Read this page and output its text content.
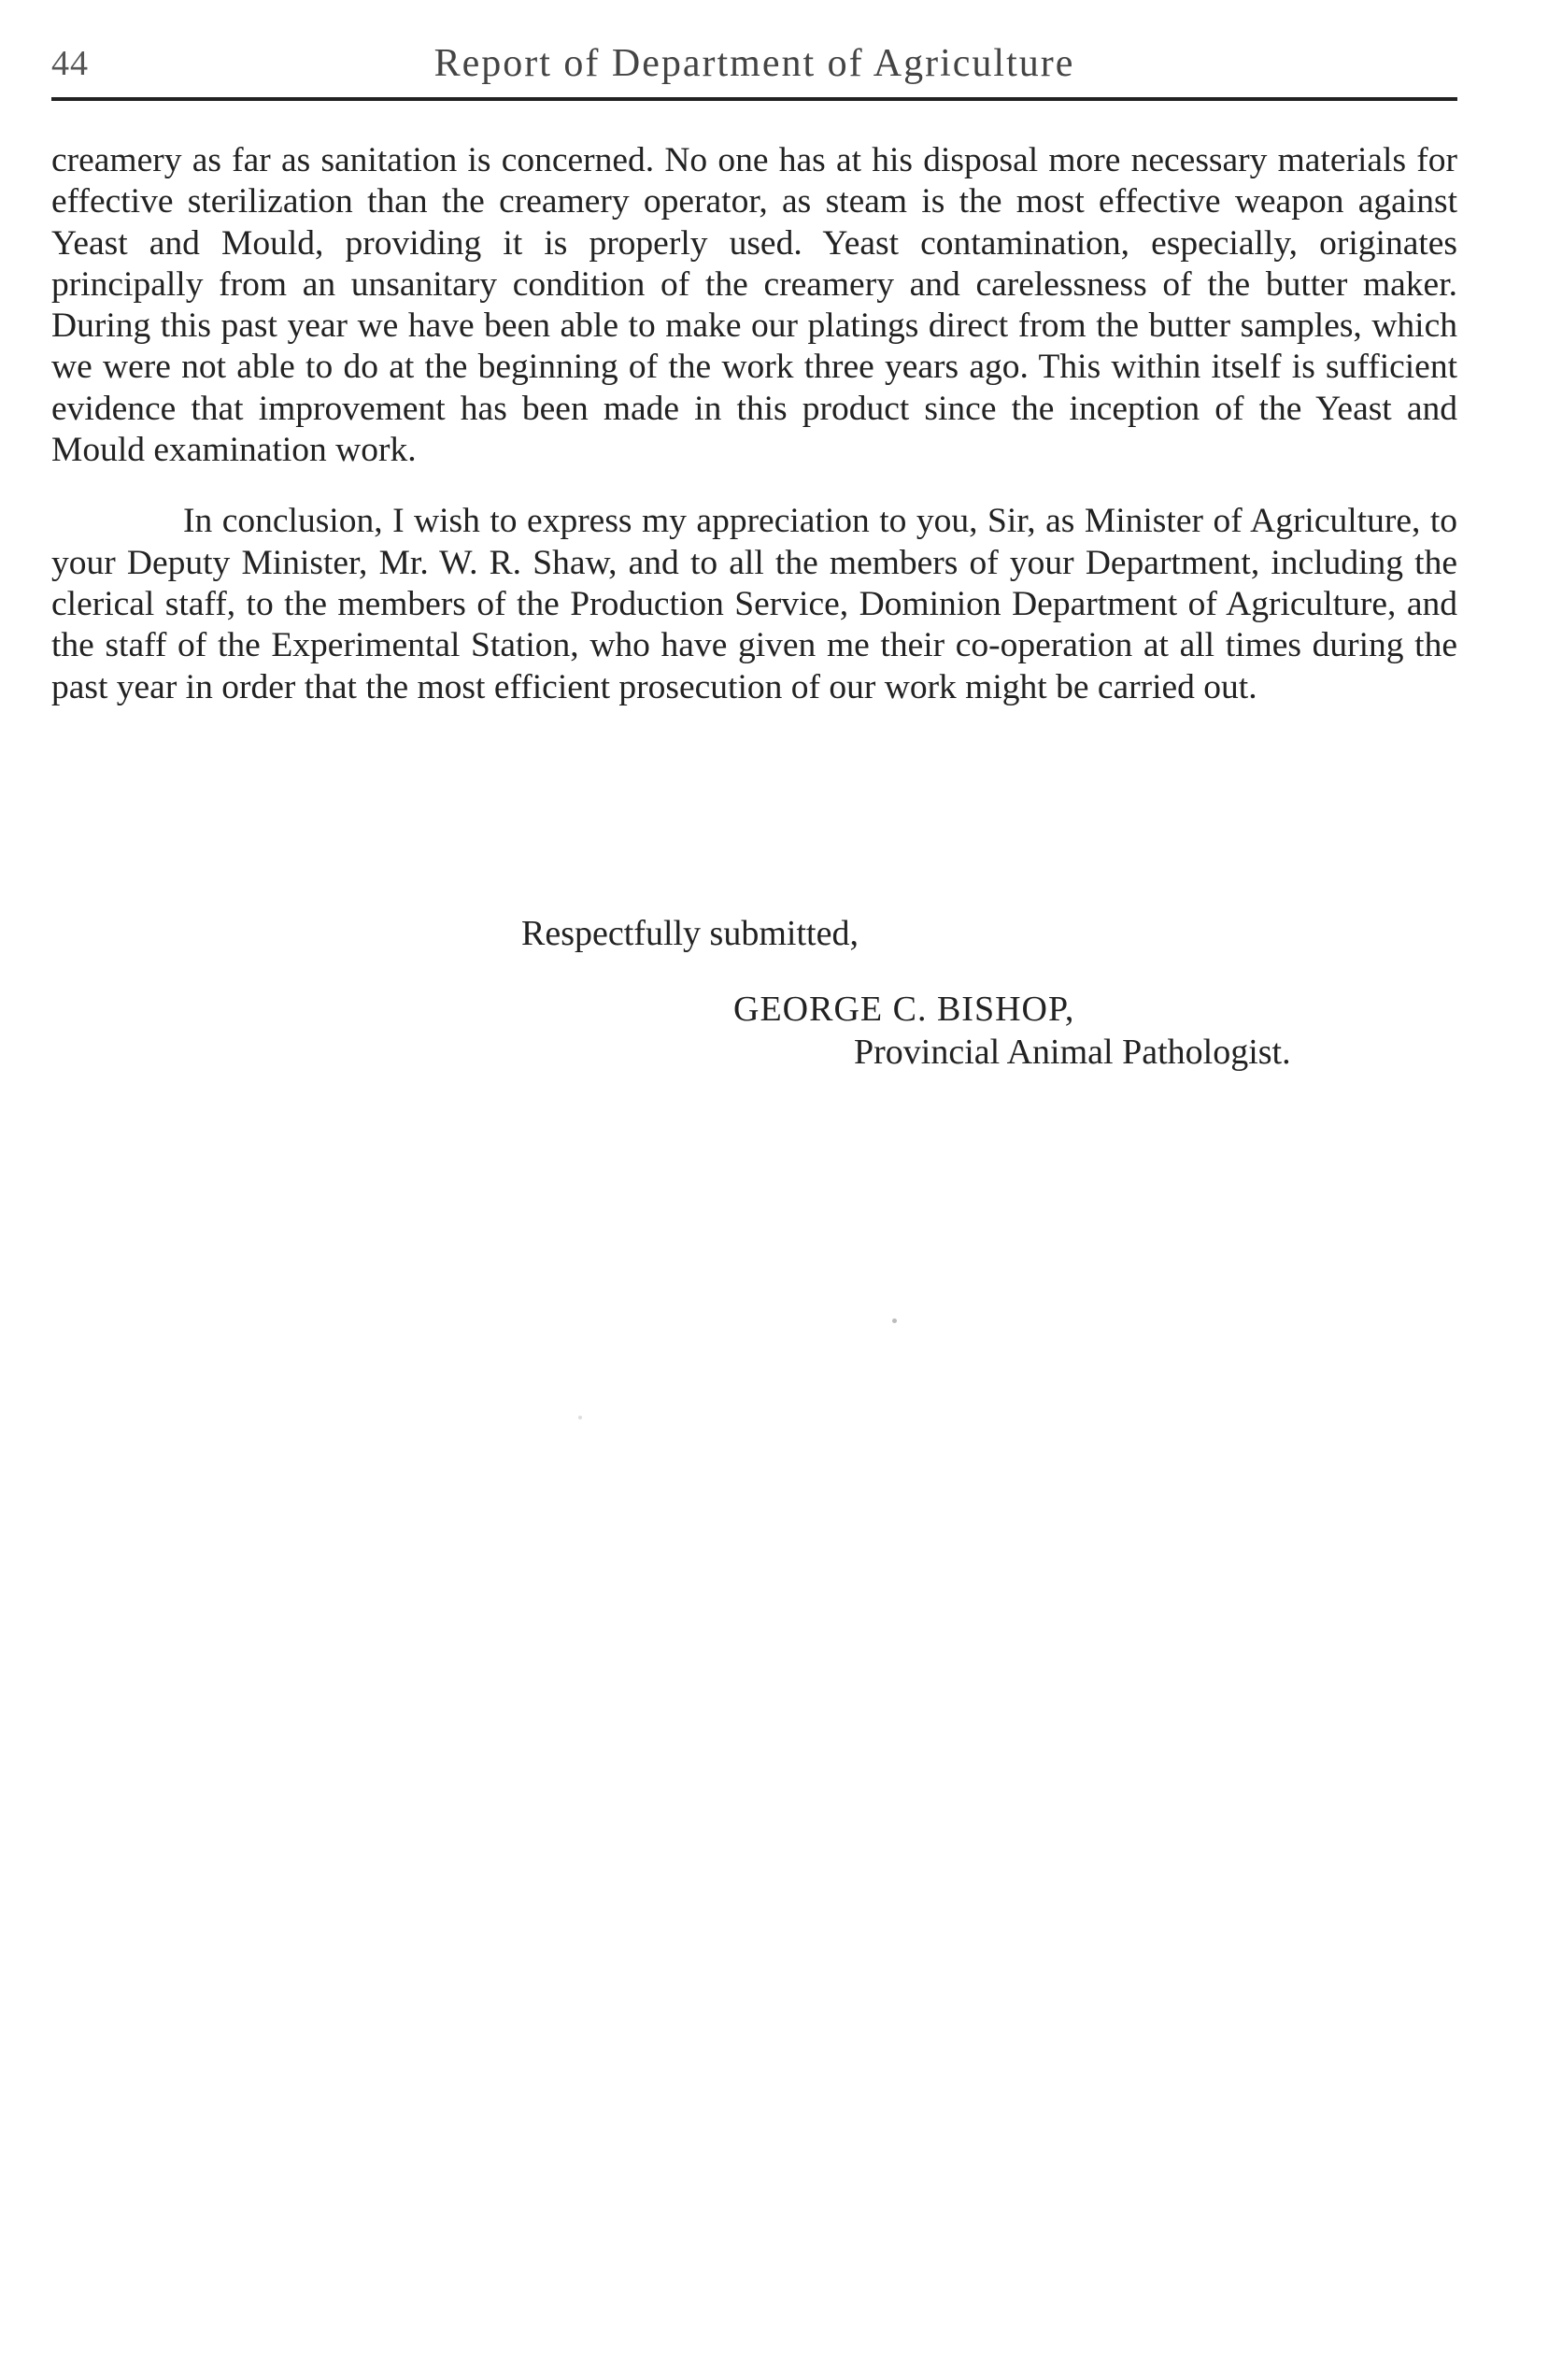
44	Report of Department of Agriculture

creamery as far as sanitation is concerned. No one has at his disposal more necessary materials for effective sterilization than the creamery operator, as steam is the most effective weapon against Yeast and Mould, providing it is properly used. Yeast contamination, especially, originates principally from an unsanitary condition of the creamery and carelessness of the butter maker. During this past year we have been able to make our platings direct from the butter samples, which we were not able to do at the beginning of the work three years ago. This within itself is sufficient evidence that improvement has been made in this product since the inception of the Yeast and Mould examination work.

In conclusion, I wish to express my appreciation to you, Sir, as Minister of Agriculture, to your Deputy Minister, Mr. W. R. Shaw, and to all the members of your Department, including the clerical staff, to the members of the Production Service, Dominion Department of Agriculture, and the staff of the Experimental Station, who have given me their co-operation at all times during the past year in order that the most efficient prosecution of our work might be carried out.

Respectfully submitted,
GEORGE C. BISHOP,
Provincial Animal Pathologist.
